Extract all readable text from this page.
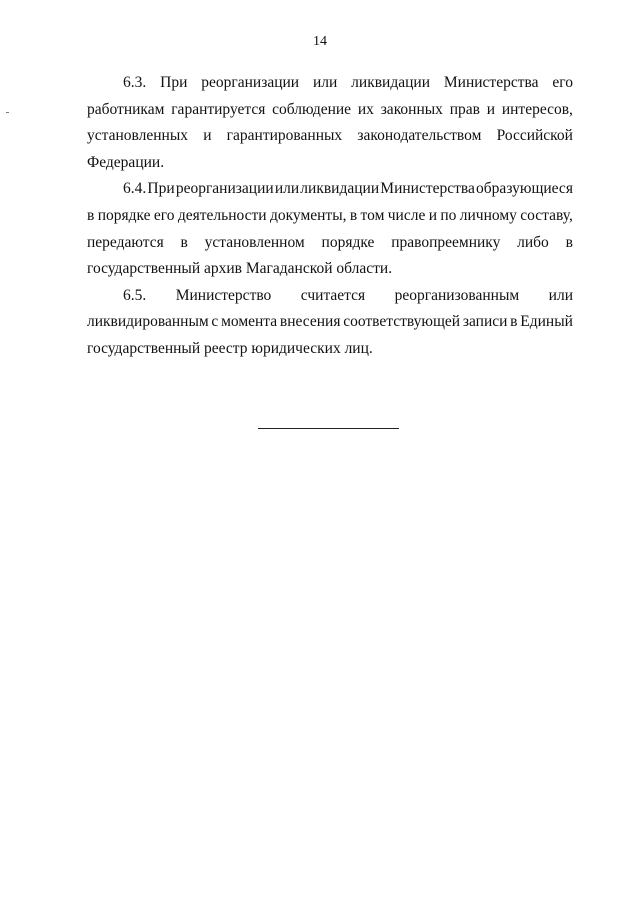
14
6.3. При реорганизации или ликвидации Министерства его
работникам гарантируется соблюдение их законных прав и интересов,
установленных и гарантированных законодательством Российской
Федерации.
6.4. При реорганизации или ликвидации Министерства образующиеся
в порядке его деятельности документы, в том числе и по личному составу,
передаются в установленном порядке правопреемнику либо в
государственный архив Магаданской области.
6.5. Министерство считается реорганизованным или
ликвидированным с момента внесения соответствующей записи в Единый
государственный реестр юридических лиц.
